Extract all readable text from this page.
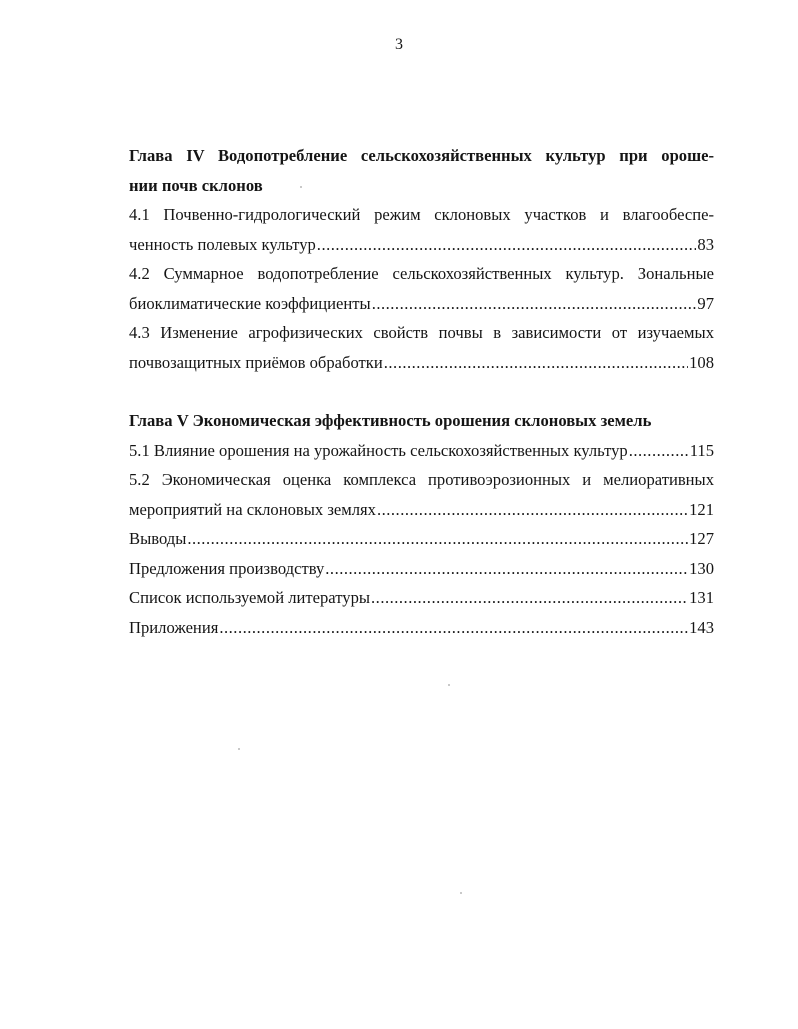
3
Глава IV Водопотребление сельскохозяйственных культур при ороше-
нии почв склонов
4.1 Почвенно-гидрологический режим склоновых участков и влагообеспе-
ченность полевых культур .....	83
4.2 Суммарное водопотребление сельскохозяйственных культур. Зональные
биоклиматические коэффициенты .....	97
4.3 Изменение агрофизических свойств почвы в зависимости от изучаемых
почвозащитных приёмов обработки .....	108
Глава V Экономическая эффективность орошения склоновых земель
5.1 Влияние орошения на урожайность сельскохозяйственных культур .....	115
5.2 Экономическая оценка комплекса противоэрозионных и мелиоративных
мероприятий на склоновых землях .....	121
Выводы .....	127
Предложения производству .....	130
Список используемой литературы .....	131
Приложения .....	143
